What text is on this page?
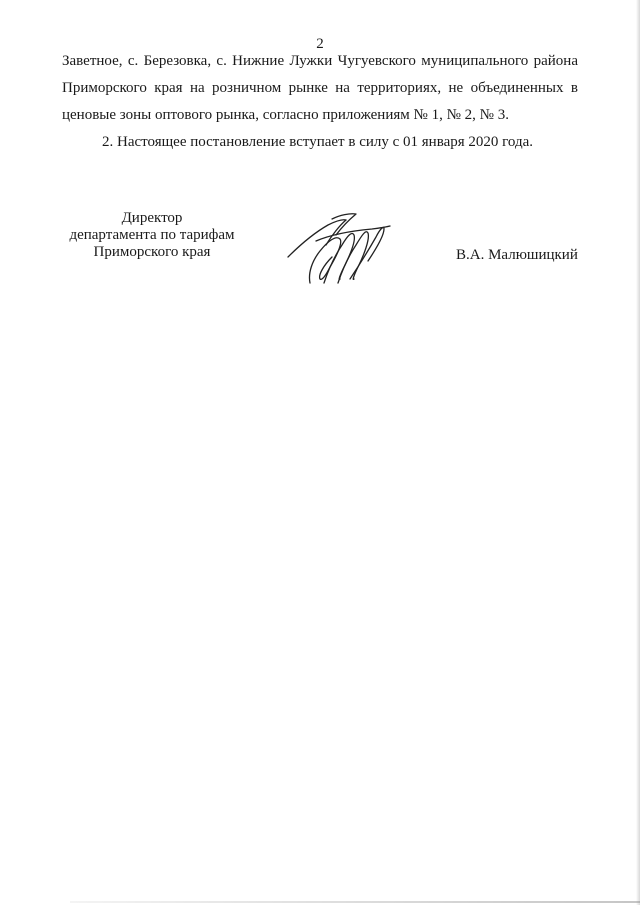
2
Заветное, с. Березовка, с. Нижние Лужки Чугуевского муниципального района
Приморского края на розничном рынке на территориях, не объединенных в
ценовые зоны оптового рынка, согласно приложениям № 1, № 2, № 3.
2. Настоящее постановление вступает в силу с 01 января 2020 года.
Директор
департамента по тарифам
Приморского края	В.А. Малюшицкий
